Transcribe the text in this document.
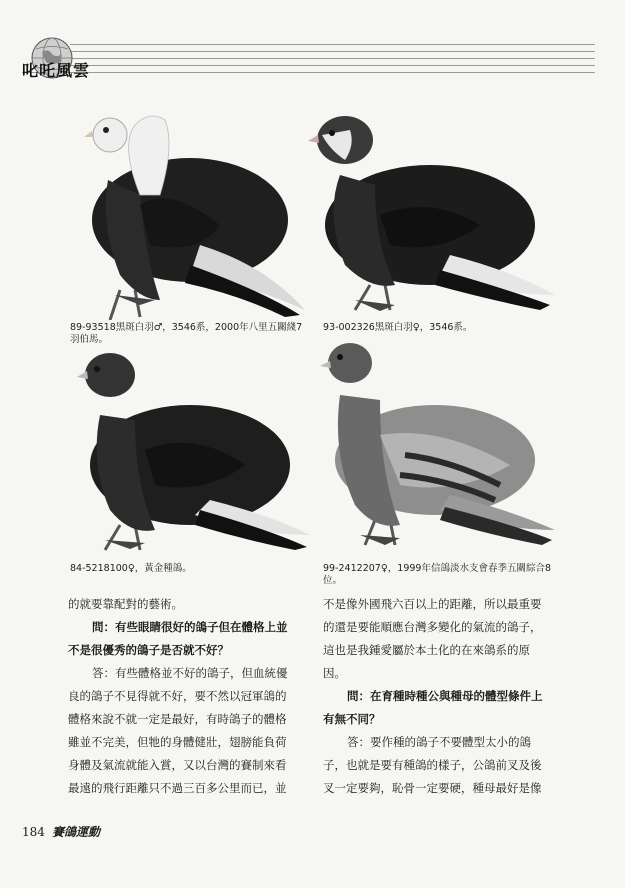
叱吒風雲
89-93518黑斑白羽♂，3546系，2000年八里五關綫7羽伯馬。
93-002326黑斑白羽♀，3546系。
84-5218100♀，黃金種鴿。	99-2412207♀，1999年信鴿淡水支會春季五關綜合8位。

的就要靠配對的藝術。

問：有些眼睛很好的鴿子但在體格上並

不是很優秀的鴿子是否就不好？

答：有些體格並不好的鴿子，但血統優

良的鴿子不見得就不好，要不然以冠軍鴿的

體格來說不就一定是最好，有時鴿子的體格

雖並不完美，但牠的身體健壯，翅膀能負荷

身體及氣流就能入賞，又以台灣的賽制來看

最遠的飛行距離只不過三百多公里而已，並

不是像外國飛六百以上的距離，所以最重要

的還是要能順應台灣多變化的氣流的鴿子，

這也是我鍾愛屬於本土化的在來鴿系的原

因。

問：在育種時種公與種母的體型條件上

有無不同？

答：要作種的鴿子不要體型太小的鴿

子，也就是要有種鴿的樣子，公鴿前叉及後

叉一定要夠，恥骨一定要硬，種母最好是像

184 賽鴿運動
